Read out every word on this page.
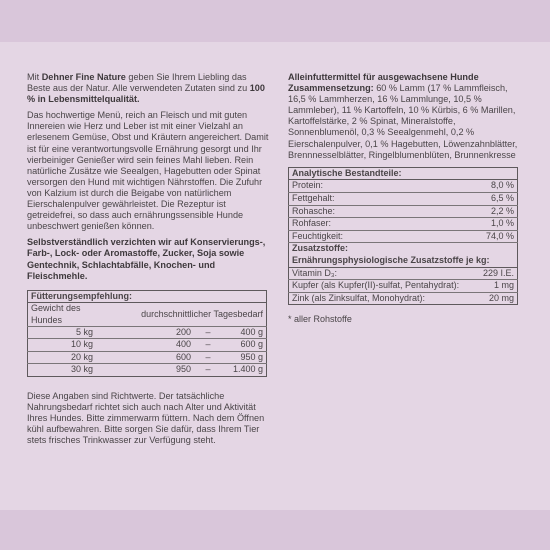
Mit Dehner Fine Nature geben Sie Ihrem Liebling das Beste aus der Natur. Alle verwendeten Zutaten sind zu 100 % in Lebensmittelqualität.

Das hochwertige Menü, reich an Fleisch und mit guten Innereien wie Herz und Leber ist mit einer Vielzahl an erlesenem Gemüse, Obst und Kräutern angereichert. Damit ist für eine verantwortungsvolle Ernährung gesorgt und Ihr vierbeiniger Genießer wird sein feines Mahl lieben. Rein natürliche Zusätze wie Seealgen, Hagebutten oder Spinat versorgen den Hund mit wichtigen Nährstoffen. Die Zufuhr von Kalzium ist durch die Beigabe von natürlichem Eierschalenpulver gewährleistet. Die Rezeptur ist getreidefrei, so dass auch ernährungssensible Hunde unbeschwert genießen können.

Selbstverständlich verzichten wir auf Konservierungs-, Farb-, Lock- oder Aromastoffe, Zucker, Soja sowie Gentechnik, Schlachtabfälle, Knochen- und Fleischmehle.

Fütterungsempfehlung:			
Gewicht des Hundes	durchschnittlicher Tagesbedarf		
5 kg	200	–	400 g
10 kg	400	–	600 g
20 kg	600	–	950 g
30 kg	950	–	1.400 g

Diese Angaben sind Richtwerte. Der tatsächliche Nahrungsbedarf richtet sich auch nach Alter und Aktivität Ihres Hundes. Bitte zimmerwarm füttern. Nach dem Öffnen kühl aufbewahren. Bitte sorgen Sie dafür, dass Ihrem Tier stets frisches Trinkwasser zur Verfügung steht.

Alleinfuttermittel für ausgewachsene Hunde

Zusammensetzung: 60 % Lamm (17 % Lammfleisch, 16,5 % Lammherzen, 16 % Lammlunge, 10,5 % Lammleber), 11 % Kartoffeln, 10 % Kürbis, 6 % Marillen, Kartoffelstärke, 2 % Spinat, Mineralstoffe, Sonnenblumenöl, 0,3 % Seealgenmehl, 0,2 % Eierschalenpulver, 0,1 % Hagebutten, Löwenzahnblätter, Brennnesselblätter, Ringelblumenblüten, Brunnenkresse

Analytische Bestandteile:	
Protein:	8,0 %
Fettgehalt:	6,5 %
Rohasche:	2,2 %
Rohfaser:	1,0 %
Feuchtigkeit:	74,0 %
Zusatzstoffe:	
Ernährungsphysiologische Zusatzstoffe je kg:	
Vitamin D₃:	229 I.E.
Kupfer (als Kupfer(II)-sulfat, Pentahydrat):	1 mg
Zink (als Zinksulfat, Monohydrat):	20 mg

* aller Rohstoffe
